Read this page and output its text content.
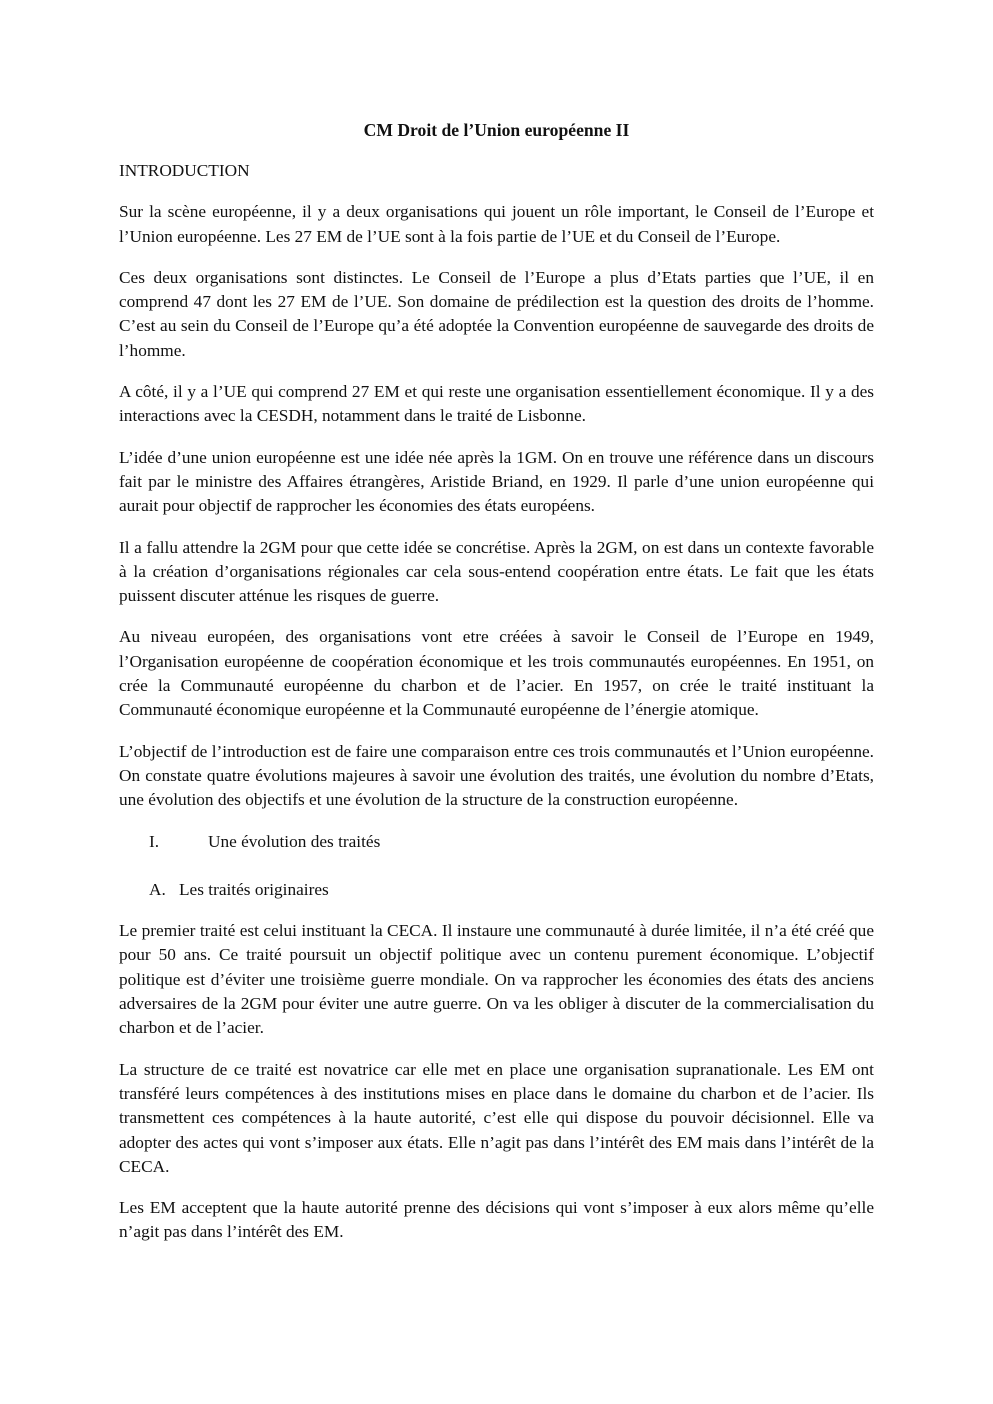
CM Droit de l’Union européenne II
INTRODUCTION

Sur la scène européenne, il y a deux organisations qui jouent un rôle important, le Conseil de l’Europe et l’Union européenne. Les 27 EM de l’UE sont à la fois partie de l’UE et du Conseil de l’Europe.

Ces deux organisations sont distinctes. Le Conseil de l’Europe a plus d’Etats parties que l’UE, il en comprend 47 dont les 27 EM de l’UE. Son domaine de prédilection est la question des droits de l’homme. C’est au sein du Conseil de l’Europe qu’a été adoptée la Convention européenne de sauvegarde des droits de l’homme.

A côté, il y a l’UE qui comprend 27 EM et qui reste une organisation essentiellement économique. Il y a des interactions avec la CESDH, notamment dans le traité de Lisbonne.

L’idée d’une union européenne est une idée née après la 1GM. On en trouve une référence dans un discours fait par le ministre des Affaires étrangères, Aristide Briand, en 1929. Il parle d’une union européenne qui aurait pour objectif de rapprocher les économies des états européens.

Il a fallu attendre la 2GM pour que cette idée se concrétise. Après la 2GM, on est dans un contexte favorable à la création d’organisations régionales car cela sous-entend coopération entre états. Le fait que les états puissent discuter atténue les risques de guerre.

Au niveau européen, des organisations vont etre créées à savoir le Conseil de l’Europe en 1949, l’Organisation européenne de coopération économique et les trois communautés européennes. En 1951, on crée la Communauté européenne du charbon et de l’acier. En 1957, on crée le traité instituant la Communauté économique européenne et la Communauté européenne de l’énergie atomique.

L’objectif de l’introduction est de faire une comparaison entre ces trois communautés et l’Union européenne. On constate quatre évolutions majeures à savoir une évolution des traités, une évolution du nombre d’Etats, une évolution des objectifs et une évolution de la structure de la construction européenne.

I.	Une évolution des traités
A. Les traités originaires

Le premier traité est celui instituant la CECA. Il instaure une communauté à durée limitée, il n’a été créé que pour 50 ans. Ce traité poursuit un objectif politique avec un contenu purement économique. L’objectif politique est d’éviter une troisième guerre mondiale. On va rapprocher les économies des états des anciens adversaires de la 2GM pour éviter une autre guerre. On va les obliger à discuter de la commercialisation du charbon et de l’acier.

La structure de ce traité est novatrice car elle met en place une organisation supranationale. Les EM ont transféré leurs compétences à des institutions mises en place dans le domaine du charbon et de l’acier. Ils transmettent ces compétences à la haute autorité, c’est elle qui dispose du pouvoir décisionnel. Elle va adopter des actes qui vont s’imposer aux états. Elle n’agit pas dans l’intérêt des EM mais dans l’intérêt de la CECA.

Les EM acceptent que la haute autorité prenne des décisions qui vont s’imposer à eux alors même qu’elle n’agit pas dans l’intérêt des EM.
